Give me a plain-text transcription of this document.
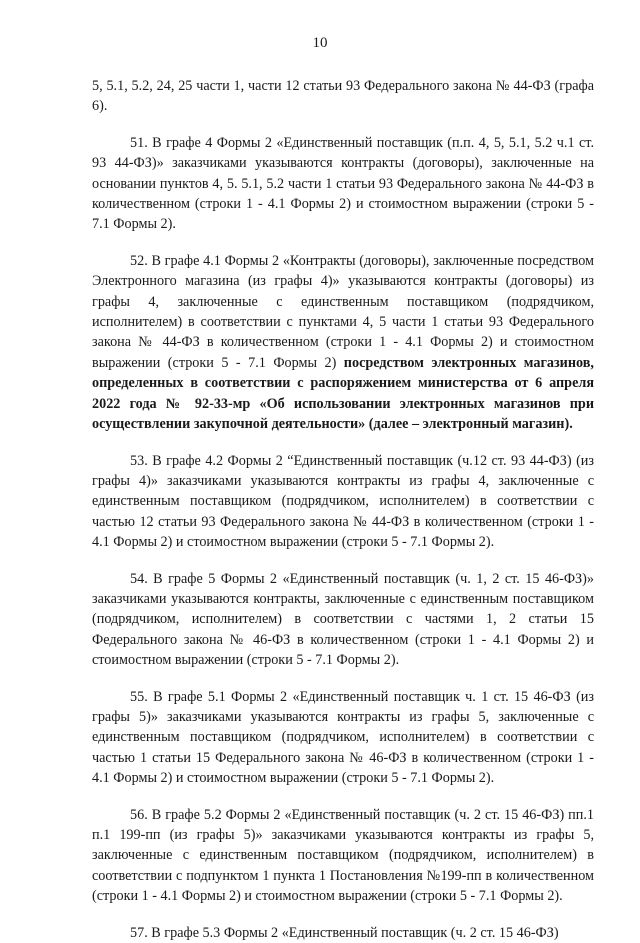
10

5, 5.1, 5.2, 24, 25 части 1, части 12 статьи 93 Федерального закона № 44-ФЗ (графа 6).

51. В графе 4 Формы 2 «Единственный поставщик (п.п. 4, 5, 5.1, 5.2 ч.1 ст. 93 44-ФЗ)» заказчиками указываются контракты (договоры), заключенные на основании пунктов 4, 5. 5.1, 5.2 части 1 статьи 93 Федерального закона № 44-ФЗ в количественном (строки 1 - 4.1 Формы 2) и стоимостном выражении (строки 5 - 7.1 Формы 2).

52. В графе 4.1 Формы 2 «Контракты (договоры), заключенные посредством Электронного магазина (из графы 4)» указываются контракты (договоры) из графы 4, заключенные с единственным поставщиком (подрядчиком, исполнителем) в соответствии с пунктами 4, 5 части 1 статьи 93 Федерального закона № 44-ФЗ в количественном (строки 1 - 4.1 Формы 2) и стоимостном выражении (строки 5 - 7.1 Формы 2) посредством электронных магазинов, определенных в соответствии с распоряжением министерства от 6 апреля 2022 года № 92-33-мр «Об использовании электронных магазинов при осуществлении закупочной деятельности» (далее – электронный магазин).

53. В графе 4.2 Формы 2 “Единственный поставщик (ч.12 ст. 93 44-ФЗ) (из графы 4)» заказчиками указываются контракты из графы 4, заключенные с единственным поставщиком (подрядчиком, исполнителем) в соответствии с частью 12 статьи 93 Федерального закона № 44-ФЗ в количественном (строки 1 - 4.1 Формы 2) и стоимостном выражении (строки 5 - 7.1 Формы 2).

54. В графе 5 Формы 2 «Единственный поставщик (ч. 1, 2 ст. 15 46-ФЗ)» заказчиками указываются контракты, заключенные с единственным поставщиком (подрядчиком, исполнителем) в соответствии с частями 1, 2 статьи 15 Федерального закона № 46-ФЗ в количественном (строки 1 - 4.1 Формы 2) и стоимостном выражении (строки 5 - 7.1 Формы 2).

55. В графе 5.1 Формы 2 «Единственный поставщик ч. 1 ст. 15 46-ФЗ (из графы 5)» заказчиками указываются контракты из графы 5, заключенные с единственным поставщиком (подрядчиком, исполнителем) в соответствии с частью 1 статьи 15 Федерального закона № 46-ФЗ в количественном (строки 1 - 4.1 Формы 2) и стоимостном выражении (строки 5 - 7.1 Формы 2).

56. В графе 5.2 Формы 2 «Единственный поставщик (ч. 2 ст. 15 46-ФЗ) пп.1 п.1 199-пп (из графы 5)» заказчиками указываются контракты из графы 5, заключенные с единственным поставщиком (подрядчиком, исполнителем) в соответствии с подпунктом 1 пункта 1 Постановления №199-пп в количественном (строки 1 - 4.1 Формы 2) и стоимостном выражении (строки 5 - 7.1 Формы 2).

57. В графе 5.3 Формы 2 «Единственный поставщик (ч. 2 ст. 15 46-ФЗ)
